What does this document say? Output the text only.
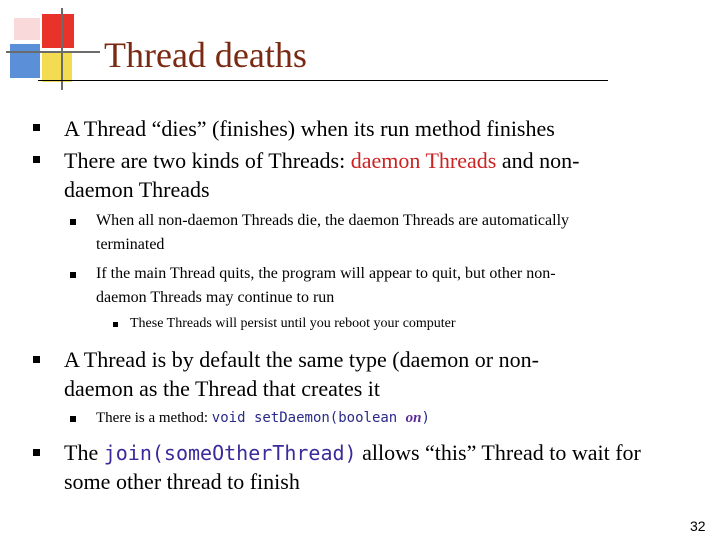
Thread deaths
A Thread “dies” (finishes) when its run method finishes
There are two kinds of Threads: daemon Threads and non-
daemon Threads
When all non-daemon Threads die, the daemon Threads are automatically
terminated
If the main Thread quits, the program will appear to quit, but other non-
daemon Threads may continue to run
These Threads will persist until you reboot your computer
A Thread is by default the same type (daemon or non-
daemon as the Thread that creates it
There is a method: void setDaemon(boolean on)
The join(someOtherThread) allows “this” Thread to wait for
some other thread to finish
32
